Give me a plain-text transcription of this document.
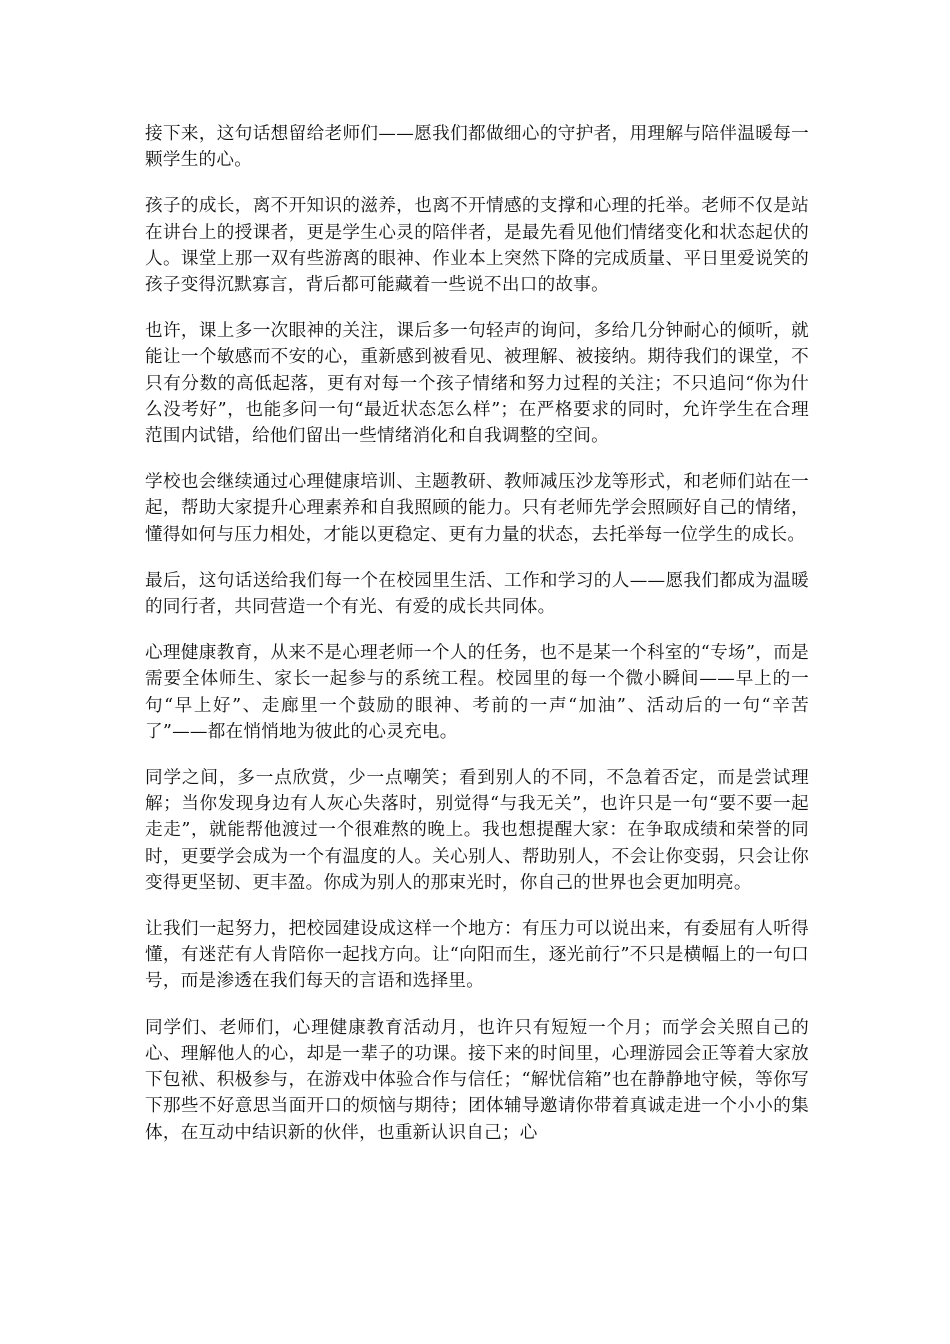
接下来，这句话想留给老师们——愿我们都做细心的守护者，用理解与陪伴温暖每一颗学生的心。

孩子的成长，离不开知识的滋养，也离不开情感的支撑和心理的托举。老师不仅是站在讲台上的授课者，更是学生心灵的陪伴者，是最先看见他们情绪变化和状态起伏的人。课堂上那一双有些游离的眼神、作业本上突然下降的完成质量、平日里爱说笑的孩子变得沉默寡言，背后都可能藏着一些说不出口的故事。

也许，课上多一次眼神的关注，课后多一句轻声的询问，多给几分钟耐心的倾听，就能让一个敏感而不安的心，重新感到被看见、被理解、被接纳。期待我们的课堂，不只有分数的高低起落，更有对每一个孩子情绪和努力过程的关注；不只追问“你为什么没考好”，也能多问一句“最近状态怎么样”；在严格要求的同时，允许学生在合理范围内试错，给他们留出一些情绪消化和自我调整的空间。

学校也会继续通过心理健康培训、主题教研、教师减压沙龙等形式，和老师们站在一起，帮助大家提升心理素养和自我照顾的能力。只有老师先学会照顾好自己的情绪，懂得如何与压力相处，才能以更稳定、更有力量的状态，去托举每一位学生的成长。

最后，这句话送给我们每一个在校园里生活、工作和学习的人——愿我们都成为温暖的同行者，共同营造一个有光、有爱的成长共同体。

心理健康教育，从来不是心理老师一个人的任务，也不是某一个科室的“专场”，而是需要全体师生、家长一起参与的系统工程。校园里的每一个微小瞬间——早上的一句“早上好”、走廊里一个鼓励的眼神、考前的一声“加油”、活动后的一句“辛苦了”——都在悄悄地为彼此的心灵充电。

同学之间，多一点欣赏，少一点嘲笑；看到别人的不同，不急着否定，而是尝试理解；当你发现身边有人灰心失落时，别觉得“与我无关”，也许只是一句“要不要一起走走”，就能帮他渡过一个很难熬的晚上。我也想提醒大家：在争取成绩和荣誉的同时，更要学会成为一个有温度的人。关心别人、帮助别人，不会让你变弱，只会让你变得更坚韧、更丰盈。你成为别人的那束光时，你自己的世界也会更加明亮。

让我们一起努力，把校园建设成这样一个地方：有压力可以说出来，有委屈有人听得懂，有迷茫有人肯陪你一起找方向。让“向阳而生，逐光前行”不只是横幅上的一句口号，而是渗透在我们每天的言语和选择里。

同学们、老师们，心理健康教育活动月，也许只有短短一个月；而学会关照自己的心、理解他人的心，却是一辈子的功课。接下来的时间里，心理游园会正等着大家放下包袱、积极参与，在游戏中体验合作与信任；“解忧信箱”也在静静地守候，等你写下那些不好意思当面开口的烦恼与期待；团体辅导邀请你带着真诚走进一个小小的集体，在互动中结识新的伙伴，也重新认识自己；心
